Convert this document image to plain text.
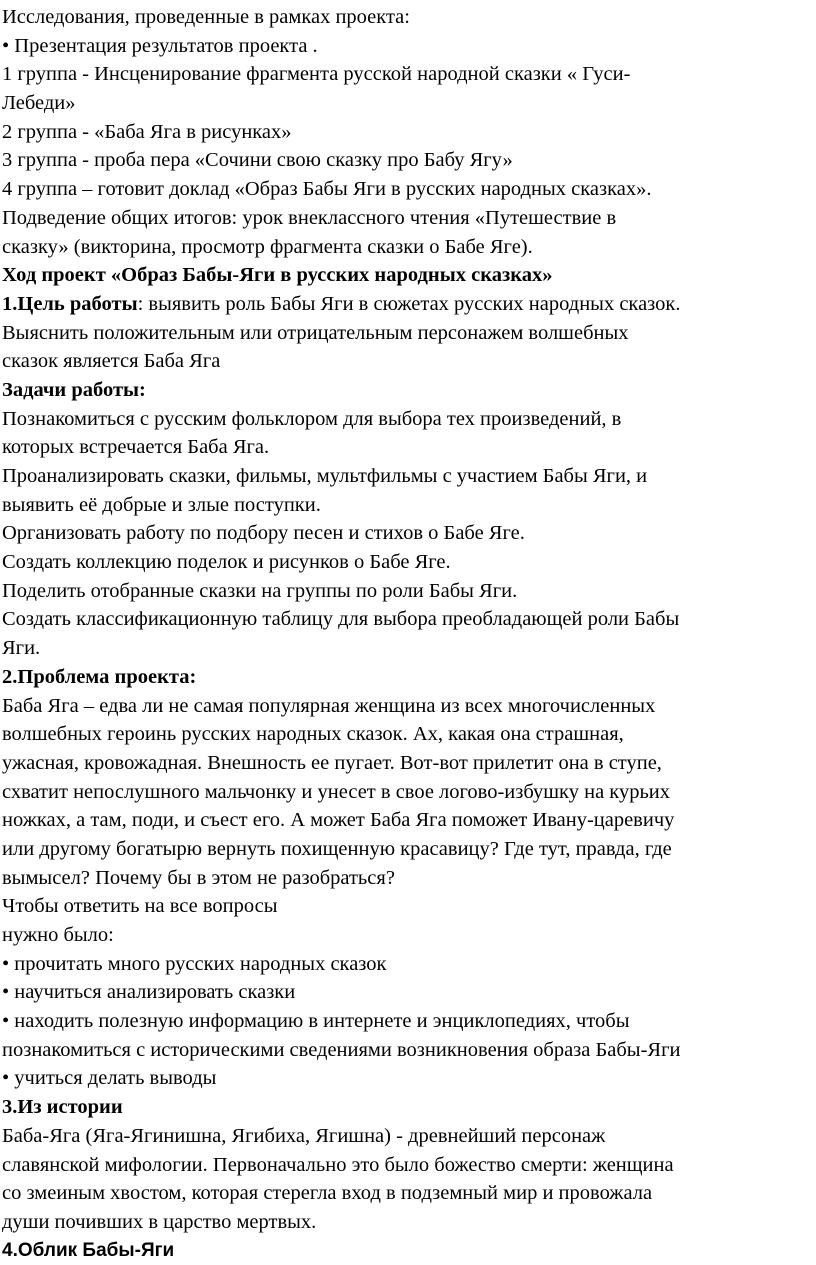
Исследования, проведенные в рамках проекта:
• Презентация результатов проекта .
1 группа - Инсценирование фрагмента русской народной сказки « Гуси-
Лебеди»
2 группа - «Баба Яга в рисунках»
3 группа - проба пера «Сочини свою сказку про Бабу Ягу»
4 группа – готовит доклад «Образ Бабы Яги в русских народных сказках».
Подведение общих итогов: урок внеклассного чтения «Путешествие в
сказку» (викторина, просмотр фрагмента сказки о Бабе Яге).
Ход проект «Образ Бабы-Яги в русских народных сказках»
1.Цель работы: выявить роль Бабы Яги в сюжетах русских народных сказок.
Выяснить положительным или отрицательным персонажем волшебных
сказок является Баба Яга
Задачи работы:
Познакомиться с русским фольклором для выбора тех произведений, в
которых встречается Баба Яга.
Проанализировать сказки, фильмы, мультфильмы с участием Бабы Яги, и
выявить её добрые и злые поступки.
Организовать работу по подбору песен и стихов о Бабе Яге.
Создать коллекцию поделок и рисунков о Бабе Яге.
Поделить отобранные сказки на группы по роли Бабы Яги.
Создать классификационную таблицу для выбора преобладающей роли Бабы
Яги.
2.Проблема проекта:
Баба Яга – едва ли не самая популярная женщина из всех многочисленных
волшебных героинь русских народных сказок. Ах, какая она страшная,
ужасная, кровожадная. Внешность ее пугает. Вот-вот прилетит она в ступе,
схватит непослушного мальчонку и унесет в свое логово-избушку на курьих
ножках, а там, поди, и съест его. А может Баба Яга поможет Ивану-царевичу
или другому богатырю вернуть похищенную красавицу? Где тут, правда, где
вымысел? Почему бы в этом не разобраться?
Чтобы ответить на все вопросы
нужно было:
• прочитать много русских народных сказок
• научиться анализировать сказки
• находить полезную информацию в интернете и энциклопедиях, чтобы
познакомиться с историческими сведениями возникновения образа Бабы-Яги
• учиться делать выводы
3.Из истории
Баба-Яга (Яга-Ягинишна, Ягибиха, Ягишна) - древнейший персонаж
славянской мифологии. Первоначально это было божество смерти: женщина
со змеиным хвостом, которая стерегла вход в подземный мир и провожала
души почивших в царство мертвых.
4.Облик Бабы-Яги
